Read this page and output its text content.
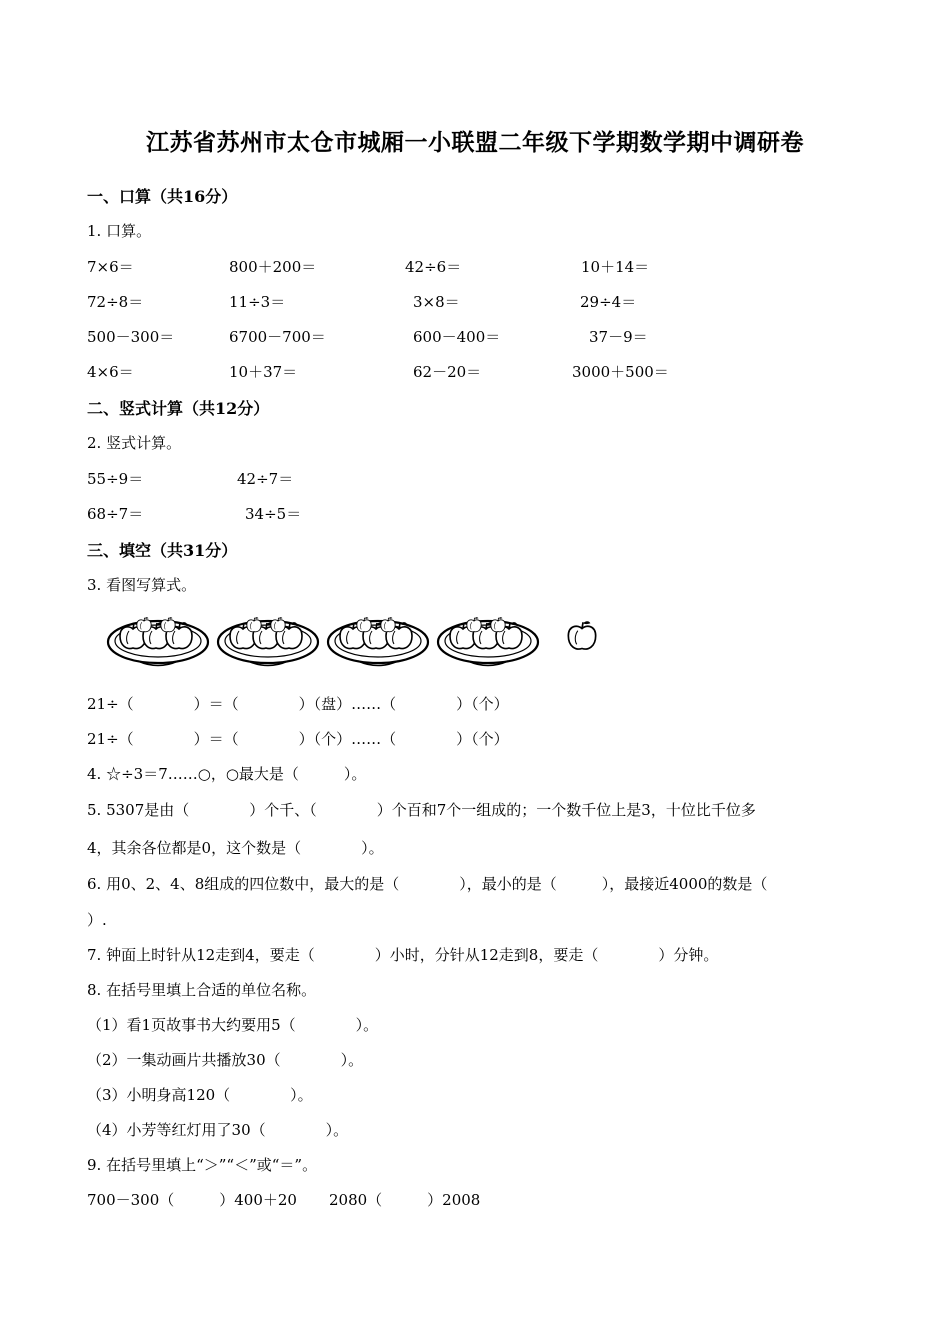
江苏省苏州市太仓市城厢一小联盟二年级下学期数学期中调研卷
一、口算（共16分）
1. 口算。
7×6＝	800＋200＝	42÷6＝	10＋14＝
72÷8＝	11÷3＝	3×8＝	29÷4＝
500－300＝	6700－700＝	600－400＝	37－9＝
4×6＝	10＋37＝	62－20＝	3000＋500＝
二、竖式计算（共12分）
2. 竖式计算。
55÷9＝	42÷7＝
68÷7＝	34÷5＝
三、填空（共31分）
3. 看图写算式。
21÷（　　　　）＝（　　　　）（盘）……（　　　　）（个）
21÷（　　　　）＝（　　　　）（个）……（　　　　）（个）
4. ☆÷3＝7……○，○最大是（　　　）。
5. 5307是由（　　　　）个千、（　　　　）个百和7个一组成的；一个数千位上是3，十位比千位多
4，其余各位都是0，这个数是（　　　　）。
6. 用0、2、4、8组成的四位数中，最大的是（　　　　），最小的是（　　　），最接近4000的数是（
）.
7. 钟面上时针从12走到4，要走（　　　　）小时，分针从12走到8，要走（　　　　）分钟。
8. 在括号里填上合适的单位名称。
（1）看1页故事书大约要用5（　　　　）。
（2）一集动画片共播放30（　　　　）。
（3）小明身高120（　　　　）。
（4）小芳等红灯用了30（　　　　）。
9. 在括号里填上“＞”“＜”或“＝”。
700－300（　　　）400＋20 2080（　　　）2008
